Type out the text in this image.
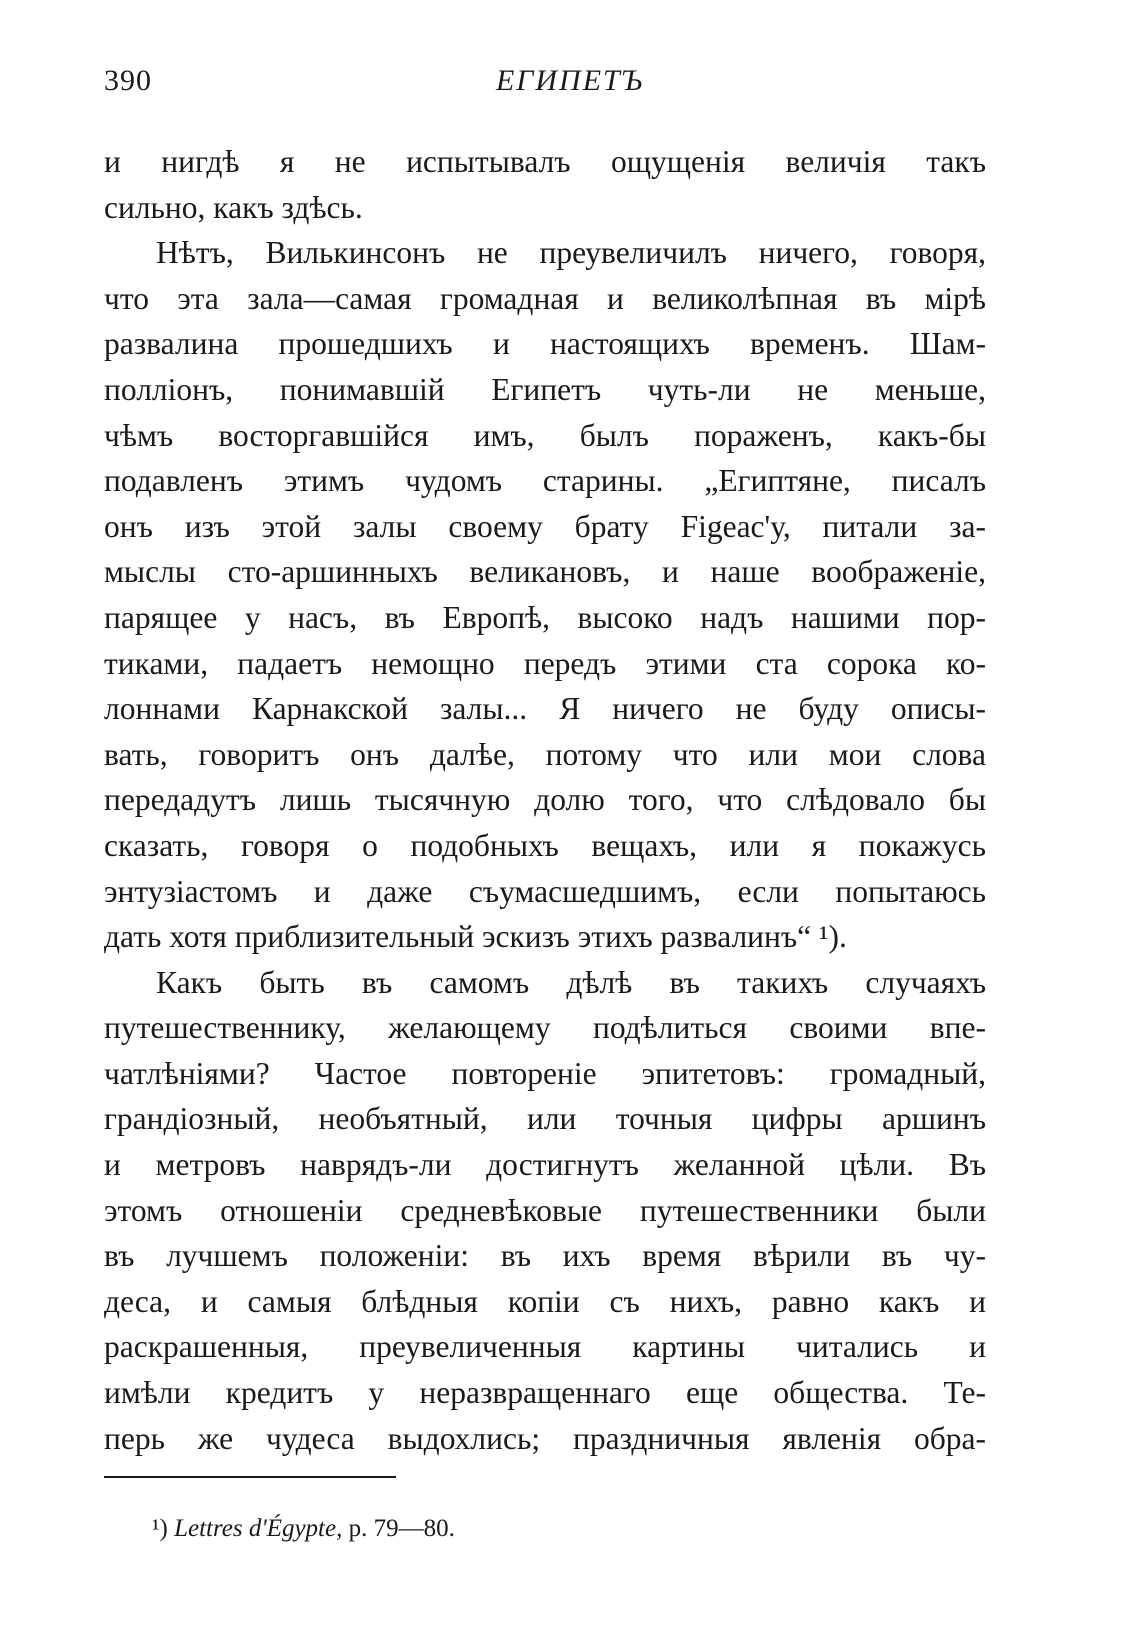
390	ЕГИПЕТЪ

и нигдѣ я не испытывалъ ощущенія величія такъ
сильно, какъ здѣсь.

Нѣтъ, Вилькинсонъ не преувеличилъ ничего, говоря,
что эта зала—самая громадная и великолѣпная въ мірѣ
развалина прошедшихъ и настоящихъ временъ. Шам-
полліонъ, понимавшій Египетъ чуть-ли не меньше,
чѣмъ восторгавшійся имъ, былъ пораженъ, какъ-бы
подавленъ этимъ чудомъ старины. „Египтяне, писалъ
онъ изъ этой залы своему брату Figeac'у, питали за-
мыслы сто-аршинныхъ великановъ, и наше воображеніе,
парящее у насъ, въ Европѣ, высоко надъ нашими пор-
тиками, падаетъ немощно передъ этими ста сорока ко-
лоннами Карнакской залы... Я ничего не буду описы-
вать, говоритъ онъ далѣе, потому что или мои слова
передадутъ лишь тысячную долю того, что слѣдовало бы
сказать, говоря о подобныхъ вещахъ, или я покажусь
энтузіастомъ и даже съумасшедшимъ, если попытаюсь
дать хотя приблизительный эскизъ этихъ развалинъ“ ¹).

Какъ быть въ самомъ дѣлѣ въ такихъ случаяхъ
путешественнику, желающему подѣлиться своими впе-
чатлѣніями? Частое повтореніе эпитетовъ: громадный,
грандіозный, необъятный, или точныя цифры аршинъ
и метровъ наврядъ-ли достигнутъ желанной цѣли. Въ
этомъ отношеніи средневѣковые путешественники были
въ лучшемъ положеніи: въ ихъ время вѣрили въ чу-
деса, и самыя блѣдныя копіи съ нихъ, равно какъ и
раскрашенныя, преувеличенныя картины читались и
имѣли кредитъ у неразвращеннаго еще общества. Те-
перь же чудеса выдохлись; праздничныя явленія обра-

¹) Lettres d'Égypte, p. 79—80.
